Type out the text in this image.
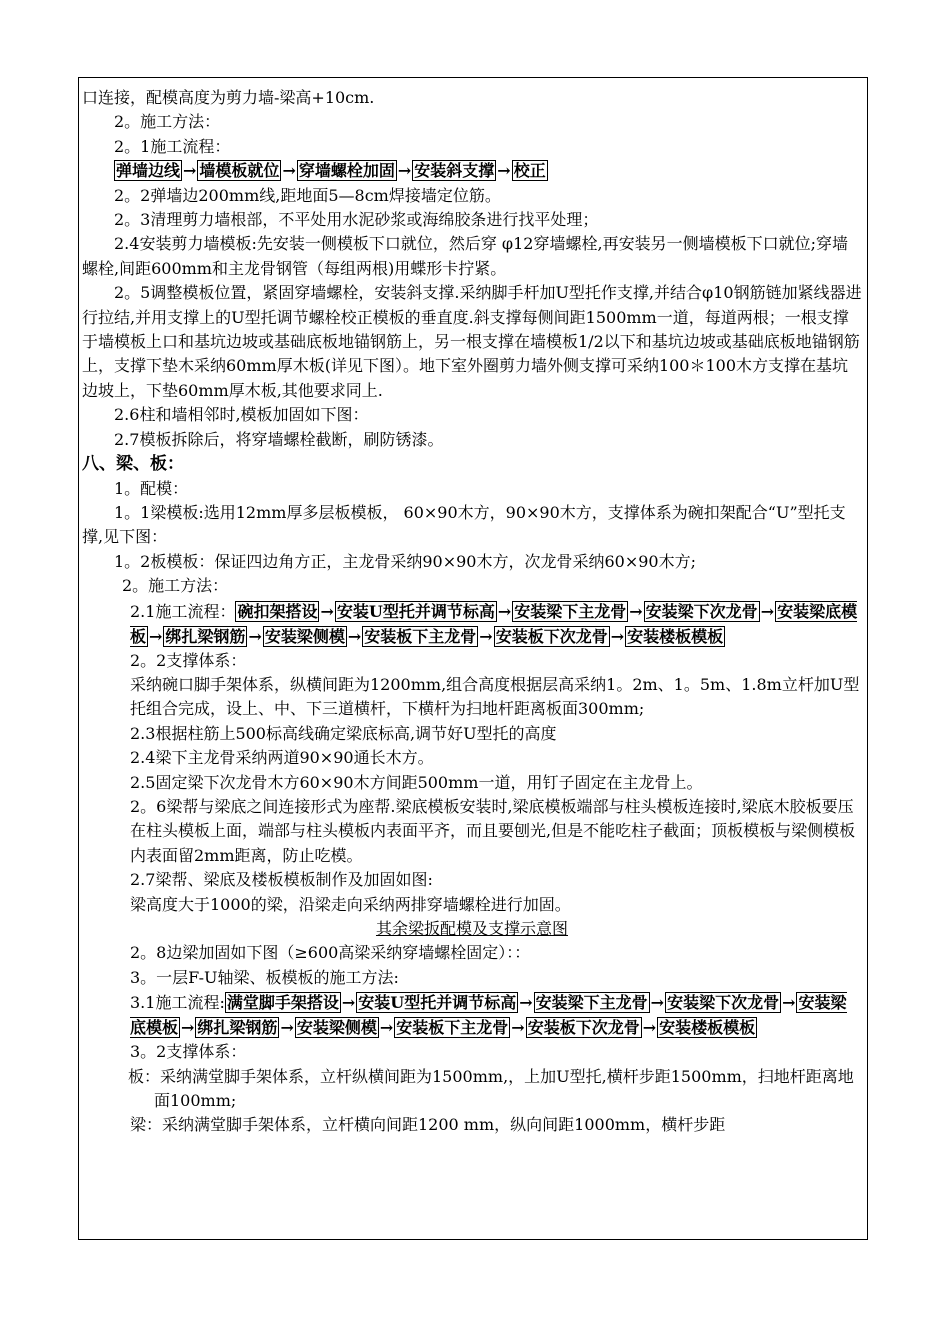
口连接，配模高度为剪力墙-梁高+10cm.

2。施工方法：

2。1施工流程：

弹墙边线 → 墙模板就位 → 穿墙螺栓加固 → 安装斜支撑 → 校正

2。2弹墙边200mm线,距地面5—8cm焊接墙定位筋。

2。3清理剪力墙根部，不平处用水泥砂浆或海绵胶条进行找平处理；

2.4安装剪力墙模板:先安装一侧模板下口就位，然后穿 φ12穿墙螺栓,再安装另一侧墙模板下口就位;穿墙螺栓,间距600mm和主龙骨钢管（每组两根)用蝶形卡拧紧。

2。5调整模板位置，紧固穿墙螺栓，安装斜支撑.采纳脚手杆加U型托作支撑,并结合φ10钢筋链加紧线器进行拉结,并用支撑上的U型托调节螺栓校正模板的垂直度.斜支撑每侧间距1500mm一道，每道两根；一根支撑于墙模板上口和基坑边坡或基础底板地锚钢筋上，另一根支撑在墙模板1/2以下和基坑边坡或基础底板地锚钢筋上，支撑下垫木采纳60mm厚木板(详见下图）。地下室外圈剪力墙外侧支撑可采纳100＊100木方支撑在基坑边坡上，下垫60mm厚木板,其他要求同上.

2.6柱和墙相邻时,模板加固如下图：

2.7模板拆除后，将穿墙螺栓截断，刷防锈漆。

八、梁、板：

1。配模：

1。1梁模板:选用12mm厚多层板模板， 60×90木方，90×90木方，支撑体系为碗扣架配合“U”型托支撑,见下图：

1。2板模板：保证四边角方正，主龙骨采纳90×90木方，次龙骨采纳60×90木方;

2。施工方法：

2.1施工流程： 碗扣架搭设 → 安装U型托并调节标高 → 安装梁下主龙骨 → 安装梁下次龙骨 → 安装梁底模板 → 绑扎梁钢筋 → 安装梁侧模 → 安装板下主龙骨 → 安装板下次龙骨 → 安装楼板模板

2。2支撑体系：

采纳碗口脚手架体系，纵横间距为1200mm,组合高度根据层高采纳1。2m、1。5m、1.8m立杆加U型托组合完成，设上、中、下三道横杆，下横杆为扫地杆距离板面300mm;

2.3根据柱筋上500标高线确定梁底标高,调节好U型托的高度

2.4梁下主龙骨采纳两道90×90通长木方。

2.5固定梁下次龙骨木方60×90木方间距500mm一道，用钉子固定在主龙骨上。

2。6梁帮与梁底之间连接形式为座帮.梁底模板安装时,梁底模板端部与柱头模板连接时,梁底木胶板要压在柱头模板上面，端部与柱头模板内表面平齐，而且要刨光,但是不能吃柱子截面；顶板模板与梁侧模板内表面留2mm距离，防止吃模。

2.7梁帮、梁底及楼板模板制作及加固如图:

梁高度大于1000的梁，沿梁走向采纳两排穿墙螺栓进行加固。

其余梁扳配模及支撑示意图

2。8边梁加固如下图（≥600高梁采纳穿墙螺栓固定）：：

3。一层F-U轴梁、板模板的施工方法:

3.1施工流程: 满堂脚手架搭设 → 安装U型托并调节标高 → 安装梁下主龙骨 → 安装梁下次龙骨 → 安装梁底模板 → 绑扎梁钢筋 → 安装梁侧模 → 安装板下主龙骨 → 安装板下次龙骨 → 安装楼板模板

3。2支撑体系：

板：采纳满堂脚手架体系，立杆纵横间距为1500mm,，上加U型托,横杆步距1500mm，扫地杆距离地面100mm;

梁：采纳满堂脚手架体系，立杆横向间距1200 mm，纵向间距1000mm，横杆步距
